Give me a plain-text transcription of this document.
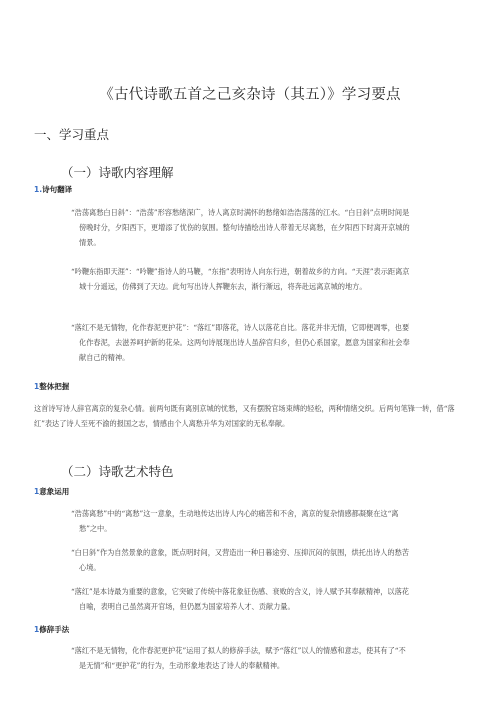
《古代诗歌五首之己亥杂诗（其五）》学习要点
一、学习重点
（一）诗歌内容理解
1.诗句翻译
“浩荡离愁白日斜”：“浩荡”形容愁绪深广，诗人离京时满怀的愁绪如浩浩荡荡的江水。“白日斜”点明时间是傍晚时分，夕阳西下，更增添了忧伤的氛围。整句诗描绘出诗人带着无尽离愁，在夕阳西下时离开京城的情景。
“吟鞭东指即天涯”：“吟鞭”指诗人的马鞭，“东指”表明诗人向东行进，朝着故乡的方向。“天涯”表示距离京城十分遥远，仿佛到了天边。此句写出诗人挥鞭东去，渐行渐远，将奔赴远离京城的地方。
“落红不是无情物，化作春泥更护花”：“落红”即落花，诗人以落花自比。落花并非无情，它即便凋零，也要化作春泥，去滋养呵护新的花朵。这两句诗展现出诗人虽辞官归乡，但仍心系国家，愿意为国家和社会奉献自己的精神。
1整体把握
这首诗写诗人辞官离京的复杂心情。前两句既有离别京城的忧愁，又有摆脱官场束缚的轻松，两种情绪交织。后两句笔锋一转，借“落红”表达了诗人至死不渝的报国之志，情感由个人离愁升华为对国家的无私奉献。
（二）诗歌艺术特色
1意象运用
“浩荡离愁”中的“离愁”这一意象，生动地传达出诗人内心的痛苦和不舍，离京的复杂情感都凝聚在这“离愁”之中。
“白日斜”作为自然景象的意象，既点明时间，又营造出一种日暮途穷、压抑沉闷的氛围，烘托出诗人的愁苦心境。
“落红”是本诗最为重要的意象，它突破了传统中落花象征伤感、衰败的含义，诗人赋予其奉献精神，以落花自喻，表明自己虽然离开官场，但仍愿为国家培养人才、贡献力量。
1修辞手法
“落红不是无情物，化作春泥更护花”运用了拟人的修辞手法，赋予“落红”以人的情感和意志，使其有了“不是无情”和“更护花”的行为，生动形象地表达了诗人的奉献精神。
